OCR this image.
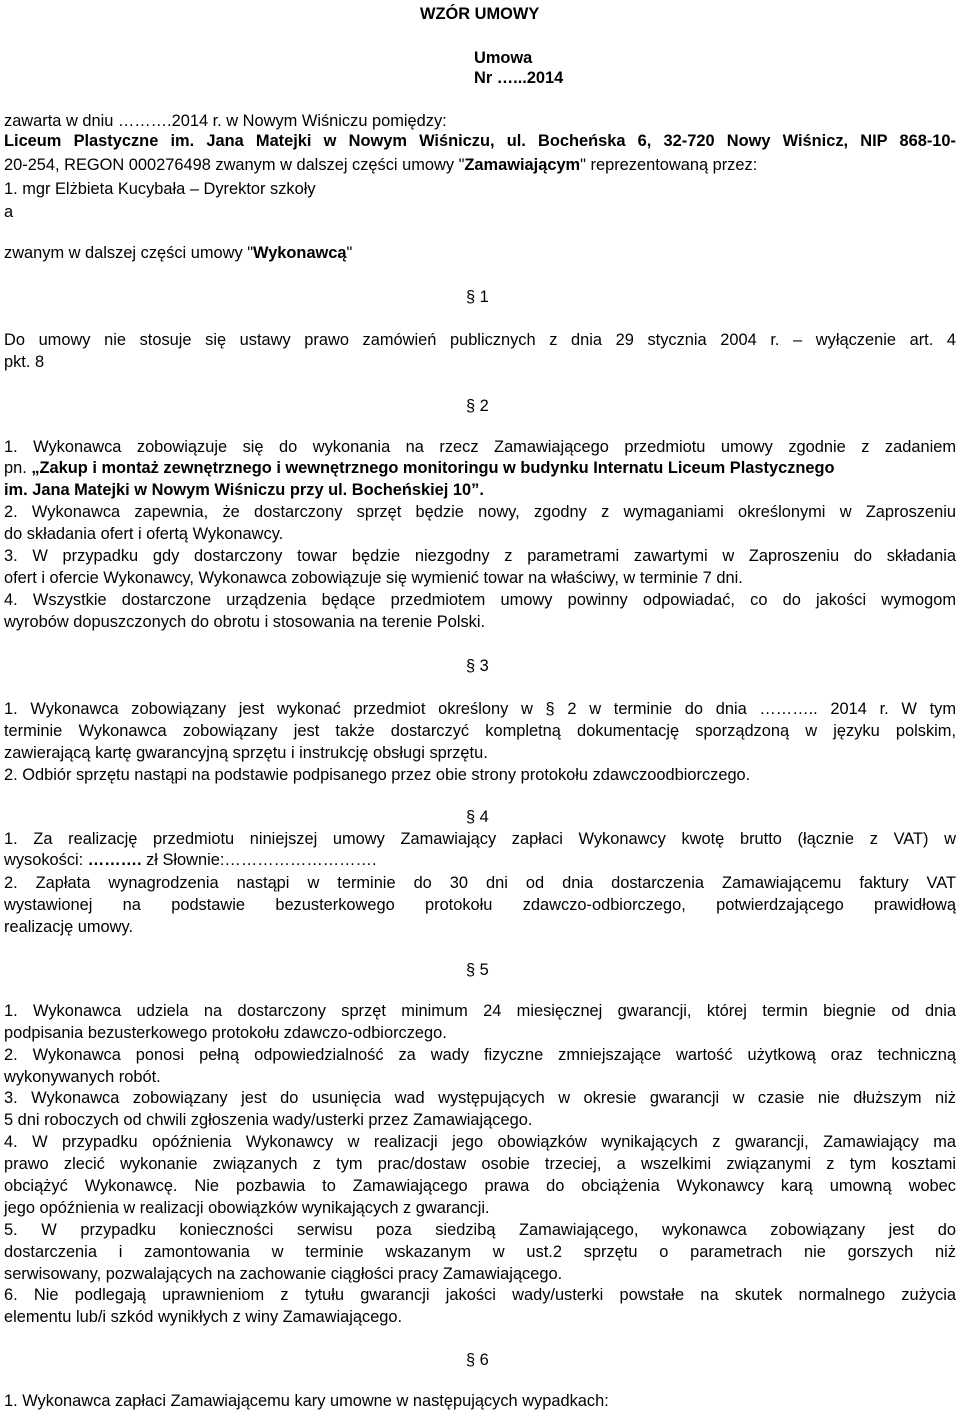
WZÓR UMOWY
Umowa
Nr …...2014
zawarta w dniu ……….2014 r. w Nowym Wiśniczu pomiędzy:
Liceum Plastyczne im. Jana Matejki w Nowym Wiśniczu, ul. Bocheńska 6, 32-720 Nowy Wiśnicz, NIP 868-10-
20-254, REGON 000276498 zwanym w dalszej części umowy "Zamawiającym" reprezentowaną przez:
1. mgr Elżbieta Kucybała – Dyrektor szkoły
a
zwanym w dalszej części umowy "Wykonawcą"
§ 1
Do umowy nie stosuje się ustawy prawo zamówień publicznych z dnia 29 stycznia 2004 r. – wyłączenie art. 4
pkt. 8
§ 2
1. Wykonawca zobowiązuje się do wykonania na rzecz Zamawiającego przedmiotu umowy zgodnie z zadaniem
pn. „Zakup i montaż zewnętrznego i wewnętrznego monitoringu w budynku Internatu Liceum Plastycznego
im. Jana Matejki w Nowym Wiśniczu przy ul. Bocheńskiej 10”.
2. Wykonawca zapewnia, że dostarczony sprzęt będzie nowy, zgodny z wymaganiami określonymi w Zaproszeniu
do składania ofert i ofertą Wykonawcy.
3. W przypadku gdy dostarczony towar będzie niezgodny z parametrami zawartymi w Zaproszeniu do składania
ofert i ofercie Wykonawcy, Wykonawca zobowiązuje się wymienić towar na właściwy, w terminie 7 dni.
4. Wszystkie dostarczone urządzenia będące przedmiotem umowy powinny odpowiadać, co do jakości wymogom
wyrobów dopuszczonych do obrotu i stosowania na terenie Polski.
§ 3
1. Wykonawca zobowiązany jest wykonać przedmiot określony w § 2 w terminie do dnia ……….. 2014 r. W tym
terminie Wykonawca zobowiązany jest także dostarczyć kompletną dokumentację sporządzoną w języku polskim,
zawierającą kartę gwarancyjną sprzętu i instrukcję obsługi sprzętu.
2. Odbiór sprzętu nastąpi na podstawie podpisanego przez obie strony protokołu zdawczoodbiorczego.
§ 4
1. Za realizację przedmiotu niniejszej umowy Zamawiający zapłaci Wykonawcy kwotę brutto (łącznie z VAT) w
wysokości: ………. zł Słownie:……………………….
2. Zapłata wynagrodzenia nastąpi w terminie do 30 dni od dnia dostarczenia Zamawiającemu faktury VAT
wystawionej na podstawie bezusterkowego protokołu zdawczo-odbiorczego, potwierdzającego prawidłową
realizację umowy.
§ 5
1. Wykonawca udziela na dostarczony sprzęt minimum 24 miesięcznej gwarancji, której termin biegnie od dnia
podpisania bezusterkowego protokołu zdawczo-odbiorczego.
2. Wykonawca ponosi pełną odpowiedzialność za wady fizyczne zmniejszające wartość użytkową oraz techniczną
wykonywanych robót.
3. Wykonawca zobowiązany jest do usunięcia wad występujących w okresie gwarancji w czasie nie dłuższym niż
5 dni roboczych od chwili zgłoszenia wady/usterki przez Zamawiającego.
4. W przypadku opóźnienia Wykonawcy w realizacji jego obowiązków wynikających z gwarancji, Zamawiający ma
prawo zlecić wykonanie związanych z tym prac/dostaw osobie trzeciej, a wszelkimi związanymi z tym kosztami
obciążyć Wykonawcę. Nie pozbawia to Zamawiającego prawa do obciążenia Wykonawcy karą umowną wobec
jego opóźnienia w realizacji obowiązków wynikających z gwarancji.
5. W przypadku konieczności serwisu poza siedzibą Zamawiającego, wykonawca zobowiązany jest do
dostarczenia i zamontowania w terminie wskazanym w ust.2 sprzętu o parametrach nie gorszych niż
serwisowany, pozwalających na zachowanie ciągłości pracy Zamawiającego.
6. Nie podlegają uprawnieniom z tytułu gwarancji jakości wady/usterki powstałe na skutek normalnego zużycia
elementu lub/i szkód wynikłych z winy Zamawiającego.
§ 6
1. Wykonawca zapłaci Zamawiającemu kary umowne w następujących wypadkach:
